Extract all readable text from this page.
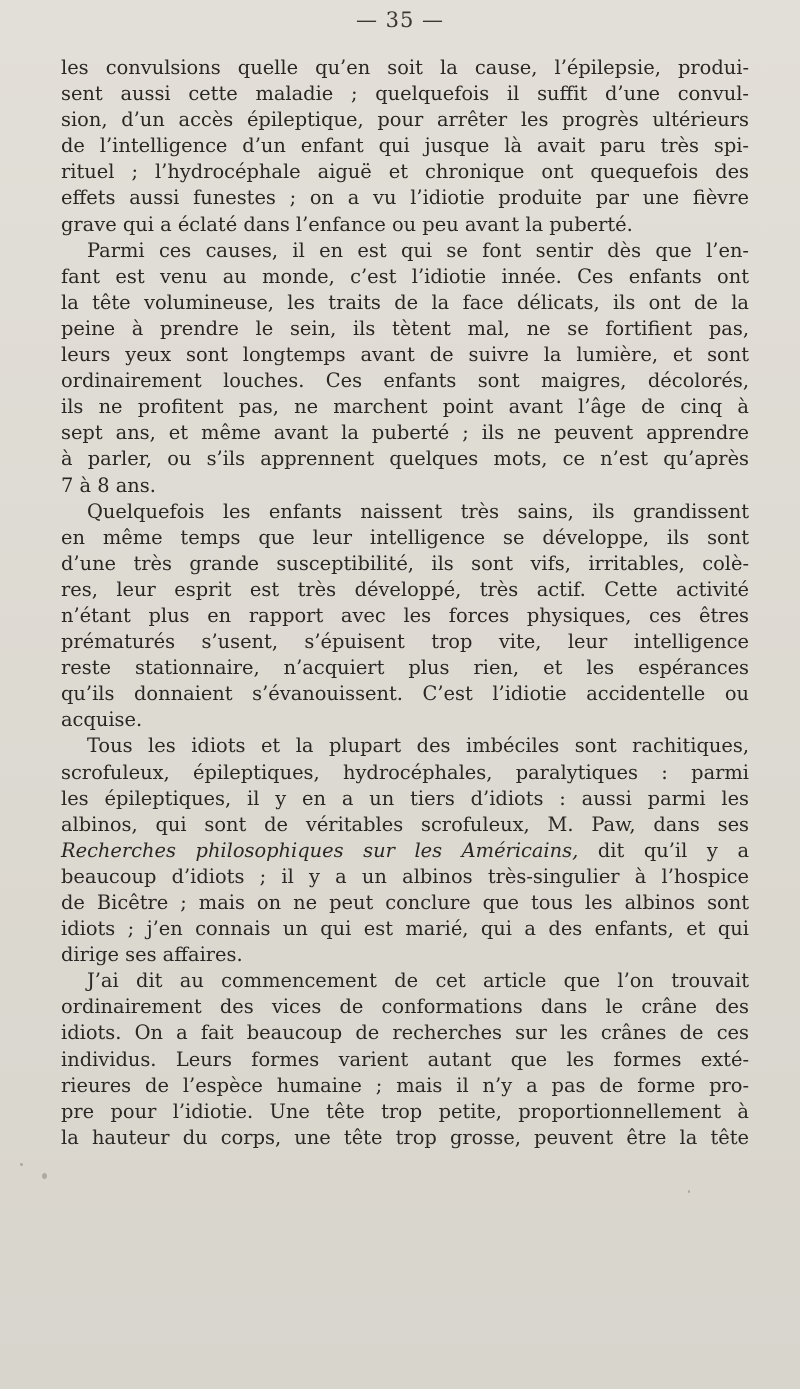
— 35 —
les convulsions quelle qu’en soit la cause, l’épilepsie, produi-
sent aussi cette maladie ; quelquefois il suffit d’une convul-
sion, d’un accès épileptique, pour arrêter les progrès ultérieurs
de l’intelligence d’un enfant qui jusque là avait paru très spi-
rituel ; l’hydrocéphale aiguë et chronique ont quequefois des
effets aussi funestes ; on a vu l’idiotie produite par une fièvre
grave qui a éclaté dans l’enfance ou peu avant la puberté.
Parmi ces causes, il en est qui se font sentir dès que l’en-
fant est venu au monde, c’est l’idiotie innée. Ces enfants ont
la tête volumineuse, les traits de la face délicats, ils ont de la
peine à prendre le sein, ils tètent mal, ne se fortifient pas,
leurs yeux sont longtemps avant de suivre la lumière, et sont
ordinairement louches. Ces enfants sont maigres, décolorés,
ils ne profitent pas, ne marchent point avant l’âge de cinq à
sept ans, et même avant la puberté ; ils ne peuvent apprendre
à parler, ou s’ils apprennent quelques mots, ce n’est qu’après
7 à 8 ans.
Quelquefois les enfants naissent très sains, ils grandissent
en même temps que leur intelligence se développe, ils sont
d’une très grande susceptibilité, ils sont vifs, irritables, colè-
res, leur esprit est très développé, très actif. Cette activité
n’étant plus en rapport avec les forces physiques, ces êtres
prématurés s’usent, s’épuisent trop vite, leur intelligence
reste stationnaire, n’acquiert plus rien, et les espérances
qu’ils donnaient s’évanouissent. C’est l’idiotie accidentelle ou
acquise.
Tous les idiots et la plupart des imbéciles sont rachitiques,
scrofuleux, épileptiques, hydrocéphales, paralytiques : parmi
les épileptiques, il y en a un tiers d’idiots : aussi parmi les
albinos, qui sont de véritables scrofuleux, M. Paw, dans ses
Recherches philosophiques sur les Américains, dit qu’il y a
beaucoup d’idiots ; il y a un albinos très-singulier à l’hospice
de Bicêtre ; mais on ne peut conclure que tous les albinos sont
idiots ; j’en connais un qui est marié, qui a des enfants, et qui
dirige ses affaires.
J’ai dit au commencement de cet article que l’on trouvait
ordinairement des vices de conformations dans le crâne des
idiots. On a fait beaucoup de recherches sur les crânes de ces
individus. Leurs formes varient autant que les formes exté-
rieures de l’espèce humaine ; mais il n’y a pas de forme pro-
pre pour l’idiotie. Une tête trop petite, proportionnellement à
la hauteur du corps, une tête trop grosse, peuvent être la tête
